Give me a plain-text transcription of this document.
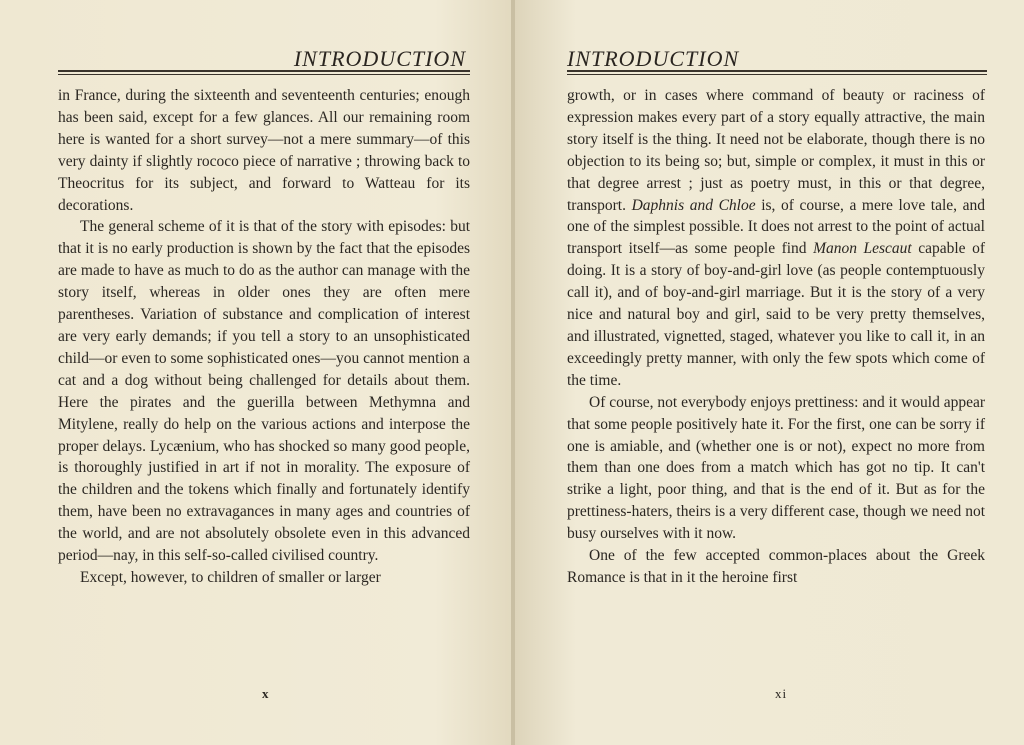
INTRODUCTION

in France, during the sixteenth and seventeenth centuries; enough has been said, except for a few glances. All our remaining room here is wanted for a short survey—not a mere summary—of this very dainty if slightly rococo piece of narrative ; throwing back to Theocritus for its subject, and forward to Watteau for its decorations.

The general scheme of it is that of the story with episodes: but that it is no early production is shown by the fact that the episodes are made to have as much to do as the author can manage with the story itself, whereas in older ones they are often mere parentheses. Variation of substance and complication of interest are very early demands; if you tell a story to an unsophisticated child—or even to some sophisticated ones—you cannot mention a cat and a dog without being challenged for details about them. Here the pirates and the guerilla between Methymna and Mitylene, really do help on the various actions and interpose the proper delays. Lycænium, who has shocked so many good people, is thoroughly justified in art if not in morality. The exposure of the children and the tokens which finally and fortunately identify them, have been no extravagances in many ages and countries of the world, and are not absolutely obsolete even in this advanced period—nay, in this self-so-called civilised country.

Except, however, to children of smaller or larger

x
INTRODUCTION

growth, or in cases where command of beauty or raciness of expression makes every part of a story equally attractive, the main story itself is the thing. It need not be elaborate, though there is no objection to its being so; but, simple or complex, it must in this or that degree arrest ; just as poetry must, in this or that degree, transport. Daphnis and Chloe is, of course, a mere love tale, and one of the simplest possible. It does not arrest to the point of actual transport itself—as some people find Manon Lescaut capable of doing. It is a story of boy-and-girl love (as people contemptuously call it), and of boy-and-girl marriage. But it is the story of a very nice and natural boy and girl, said to be very pretty themselves, and illustrated, vignetted, staged, whatever you like to call it, in an exceedingly pretty manner, with only the few spots which come of the time.

Of course, not everybody enjoys prettiness: and it would appear that some people positively hate it. For the first, one can be sorry if one is amiable, and (whether one is or not), expect no more from them than one does from a match which has got no tip. It can't strike a light, poor thing, and that is the end of it. But as for the prettiness-haters, theirs is a very different case, though we need not busy ourselves with it now.

One of the few accepted common-places about the Greek Romance is that in it the heroine first

xi
